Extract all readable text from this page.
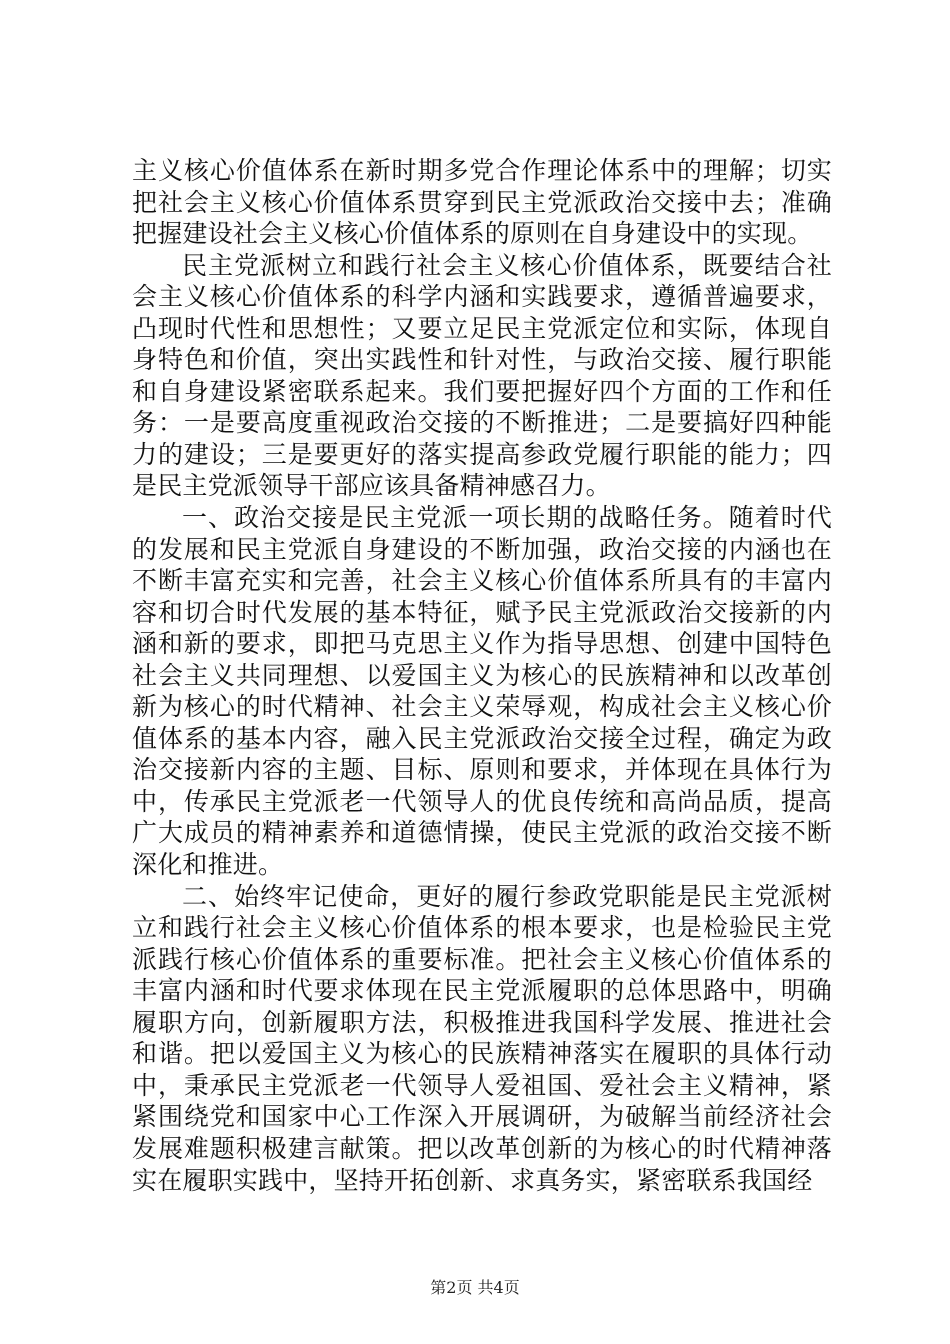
主义核心价值体系在新时期多党合作理论体系中的理解；切实把社会主义核心价值体系贯穿到民主党派政治交接中去；准确把握建设社会主义核心价值体系的原则在自身建设中的实现。

民主党派树立和践行社会主义核心价值体系，既要结合社会主义核心价值体系的科学内涵和实践要求，遵循普遍要求，凸现时代性和思想性；又要立足民主党派定位和实际，体现自身特色和价值，突出实践性和针对性，与政治交接、履行职能和自身建设紧密联系起来。我们要把握好四个方面的工作和任务：一是要高度重视政治交接的不断推进；二是要搞好四种能力的建设；三是要更好的落实提高参政党履行职能的能力；四是民主党派领导干部应该具备精神感召力。

一、政治交接是民主党派一项长期的战略任务。随着时代的发展和民主党派自身建设的不断加强，政治交接的内涵也在不断丰富充实和完善，社会主义核心价值体系所具有的丰富内容和切合时代发展的基本特征，赋予民主党派政治交接新的内涵和新的要求，即把马克思主义作为指导思想、创建中国特色社会主义共同理想、以爱国主义为核心的民族精神和以改革创新为核心的时代精神、社会主义荣辱观，构成社会主义核心价值体系的基本内容，融入民主党派政治交接全过程，确定为政治交接新内容的主题、目标、原则和要求，并体现在具体行为中，传承民主党派老一代领导人的优良传统和高尚品质，提高广大成员的精神素养和道德情操，使民主党派的政治交接不断深化和推进。

二、始终牢记使命，更好的履行参政党职能是民主党派树立和践行社会主义核心价值体系的根本要求，也是检验民主党派践行核心价值体系的重要标准。把社会主义核心价值体系的丰富内涵和时代要求体现在民主党派履职的总体思路中，明确履职方向，创新履职方法，积极推进我国科学发展、推进社会和谐。把以爱国主义为核心的民族精神落实在履职的具体行动中，秉承民主党派老一代领导人爱祖国、爱社会主义精神，紧紧围绕党和国家中心工作深入开展调研，为破解当前经济社会发展难题积极建言献策。把以改革创新的为核心的时代精神落实在履职实践中，坚持开拓创新、求真务实，紧密联系我国经

第2页 共4页
